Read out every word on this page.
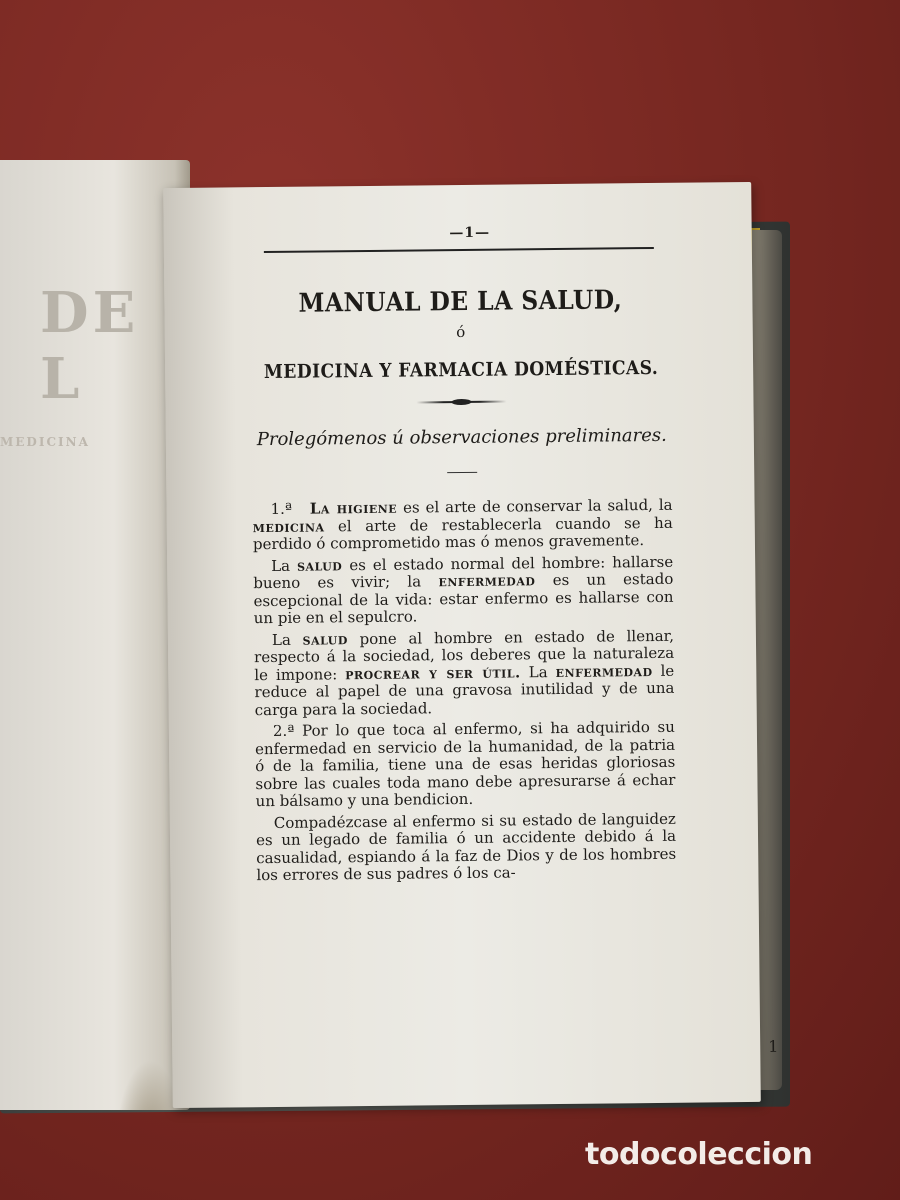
DE L
MEDICINA
—1—
MANUAL DE LA SALUD,
ó
MEDICINA Y FARMACIA DOMÉSTICAS.
Prolegómenos ú observaciones preliminares.

1.ª La higiene es el arte de conservar la salud, la medicina el arte de restablecerla cuando se ha perdido ó comprometido mas ó menos gravemente.

La salud es el estado normal del hombre: hallarse bueno es vivir; la enfermedad es un estado escepcional de la vida: estar enfermo es hallarse con un pie en el sepulcro.

La salud pone al hombre en estado de llenar, respecto á la sociedad, los deberes que la naturaleza le impone: procrear y ser útil. La enfermedad le reduce al papel de una gravosa inutilidad y de una carga para la sociedad.

2.ª Por lo que toca al enfermo, si ha adquirido su enfermedad en servicio de la humanidad, de la patria ó de la familia, tiene una de esas heridas gloriosas sobre las cuales toda mano debe apresurarse á echar un bálsamo y una bendicion.

Compadézcase al enfermo si su estado de languidez es un legado de familia ó un accidente debido á la casualidad, espiando á la faz de Dios y de los hombres los errores de sus padres ó los ca-

1
todocoleccion
